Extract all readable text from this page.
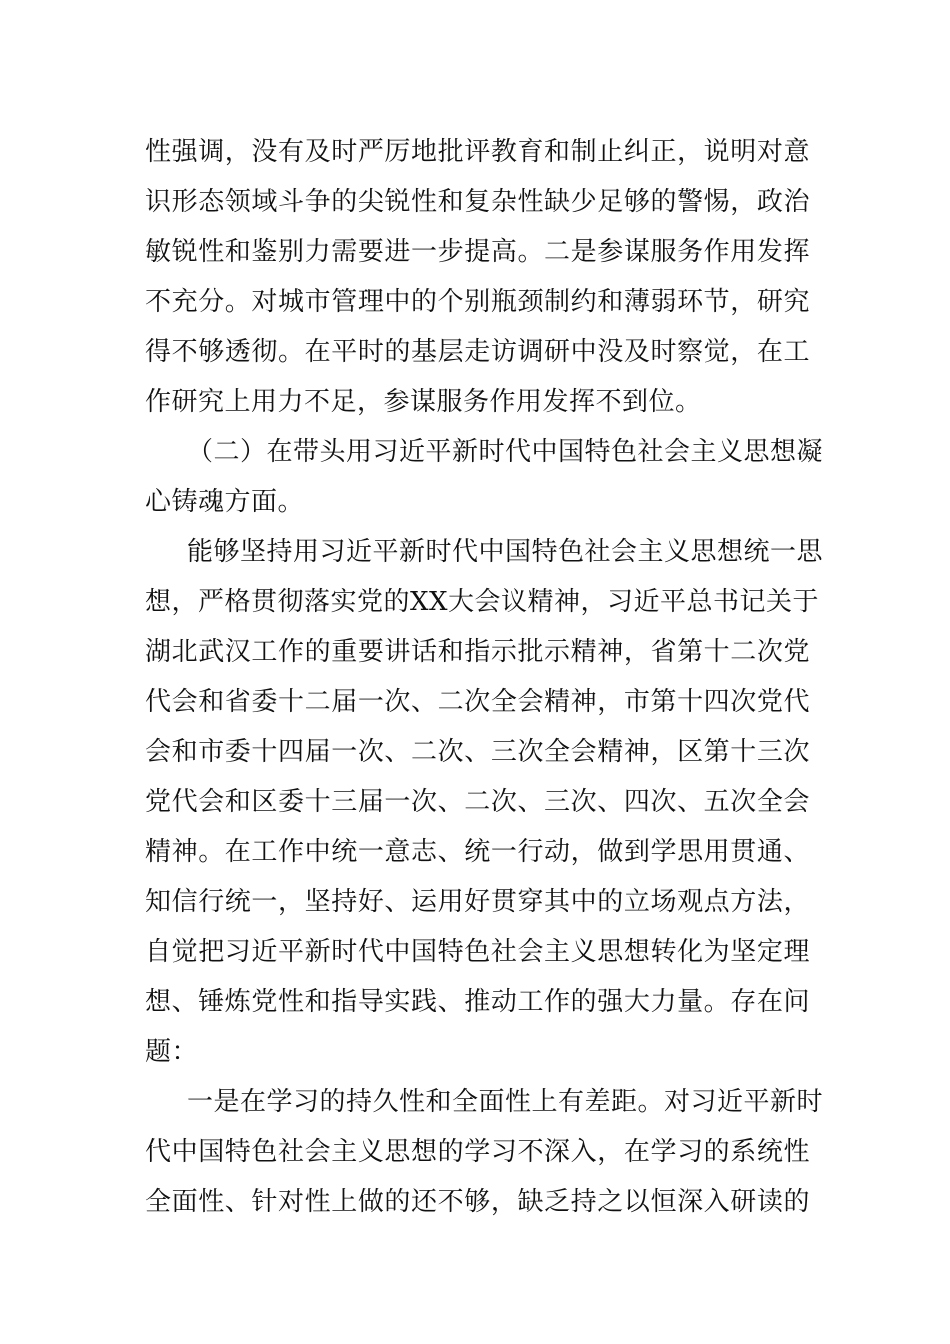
性强调，没有及时严厉地批评教育和制止纠正，说明对意
识形态领域斗争的尖锐性和复杂性缺少足够的警惕，政治
敏锐性和鉴别力需要进一步提高。二是参谋服务作用发挥
不充分。对城市管理中的个别瓶颈制约和薄弱环节，研究
得不够透彻。在平时的基层走访调研中没及时察觉，在工
作研究上用力不足，参谋服务作用发挥不到位。
（二）在带头用习近平新时代中国特色社会主义思想凝
心铸魂方面。
能够坚持用习近平新时代中国特色社会主义思想统一思
想，严格贯彻落实党的XX大会议精神，习近平总书记关于
湖北武汉工作的重要讲话和指示批示精神，省第十二次党
代会和省委十二届一次、二次全会精神，市第十四次党代
会和市委十四届一次、二次、三次全会精神，区第十三次
党代会和区委十三届一次、二次、三次、四次、五次全会
精神。在工作中统一意志、统一行动，做到学思用贯通、
知信行统一，坚持好、运用好贯穿其中的立场观点方法，
自觉把习近平新时代中国特色社会主义思想转化为坚定理
想、锤炼党性和指导实践、推动工作的强大力量。存在问
题：
一是在学习的持久性和全面性上有差距。对习近平新时
代中国特色社会主义思想的学习不深入，在学习的系统性
全面性、针对性上做的还不够，缺乏持之以恒深入研读的
